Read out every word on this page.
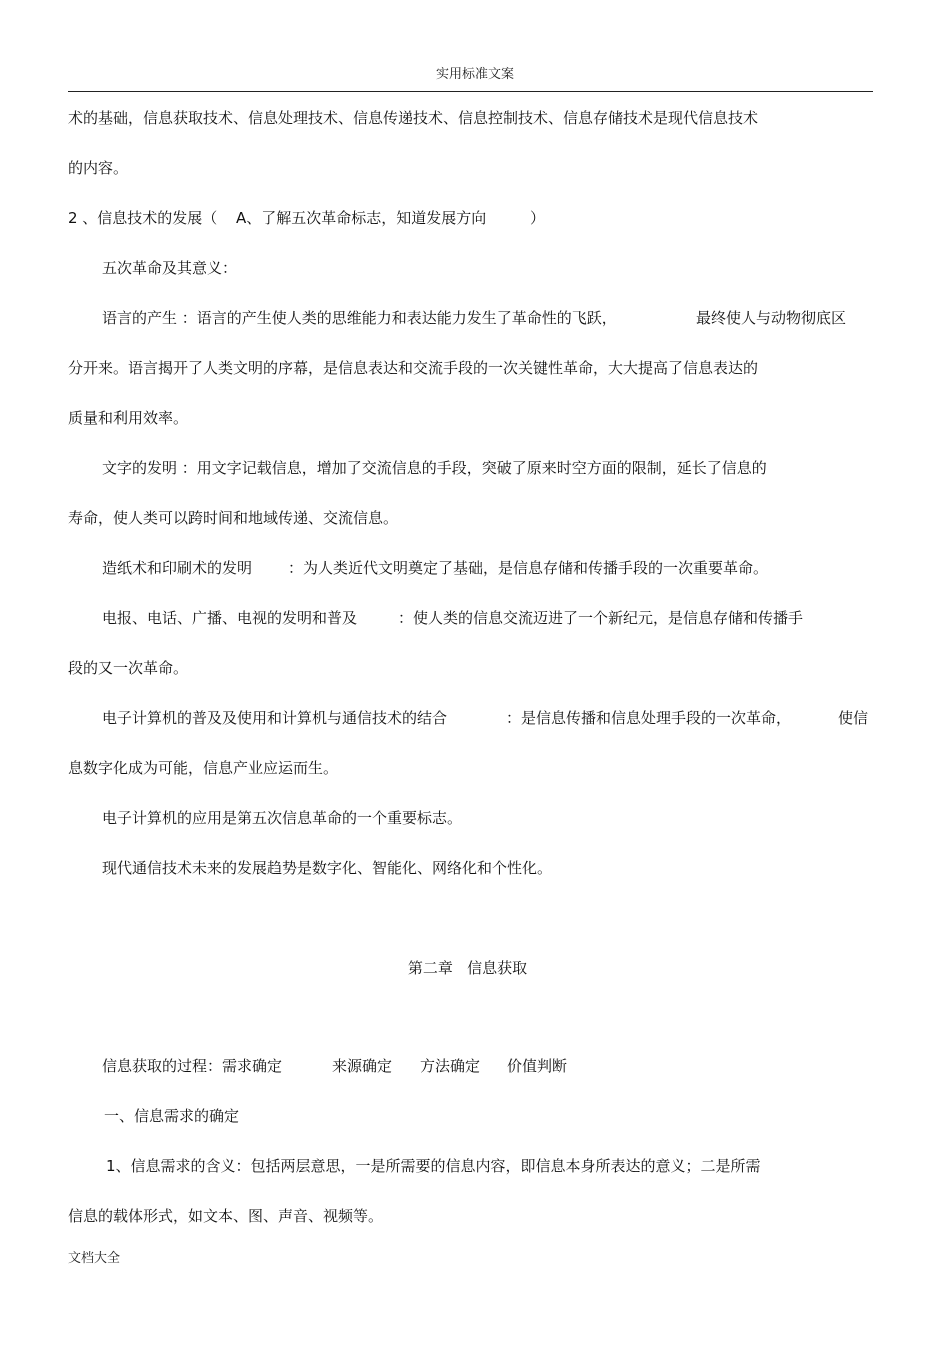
实用标准文案
术的基础，信息获取技术、信息处理技术、信息传递技术、信息控制技术、信息存储技术是现代信息技术
的内容。
2 、信息技术的发展（ A、了解五次革命标志，知道发展方向	）
五次革命及其意义：
语言的产生 ：语言的产生使人类的思维能力和表达能力发生了革命性的飞跃，	最终使人与动物彻底区
分开来。语言揭开了人类文明的序幕，是信息表达和交流手段的一次关键性革命，大大提高了信息表达的
质量和利用效率。
文字的发明 ：用文字记载信息，增加了交流信息的手段，突破了原来时空方面的限制，延长了信息的
寿命，使人类可以跨时间和地域传递、交流信息。
造纸术和印刷术的发明 ：为人类近代文明奠定了基础，是信息存储和传播手段的一次重要革命。
电报、电话、广播、电视的发明和普及	：使人类的信息交流迈进了一个新纪元，是信息存储和传播手
段的又一次革命。
电子计算机的普及及使用和计算机与通信技术的结合	：是信息传播和信息处理手段的一次革命，	使信
息数字化成为可能，信息产业应运而生。
电子计算机的应用是第五次信息革命的一个重要标志。
现代通信技术未来的发展趋势是数字化、智能化、网络化和个性化。
第二章   信息获取
信息获取的过程：需求确定	来源确定 方法确定 价值判断
一、信息需求的确定
1、信息需求的含义：包括两层意思，一是所需要的信息内容，即信息本身所表达的意义；二是所需
信息的载体形式，如文本、图、声音、视频等。
文档大全
